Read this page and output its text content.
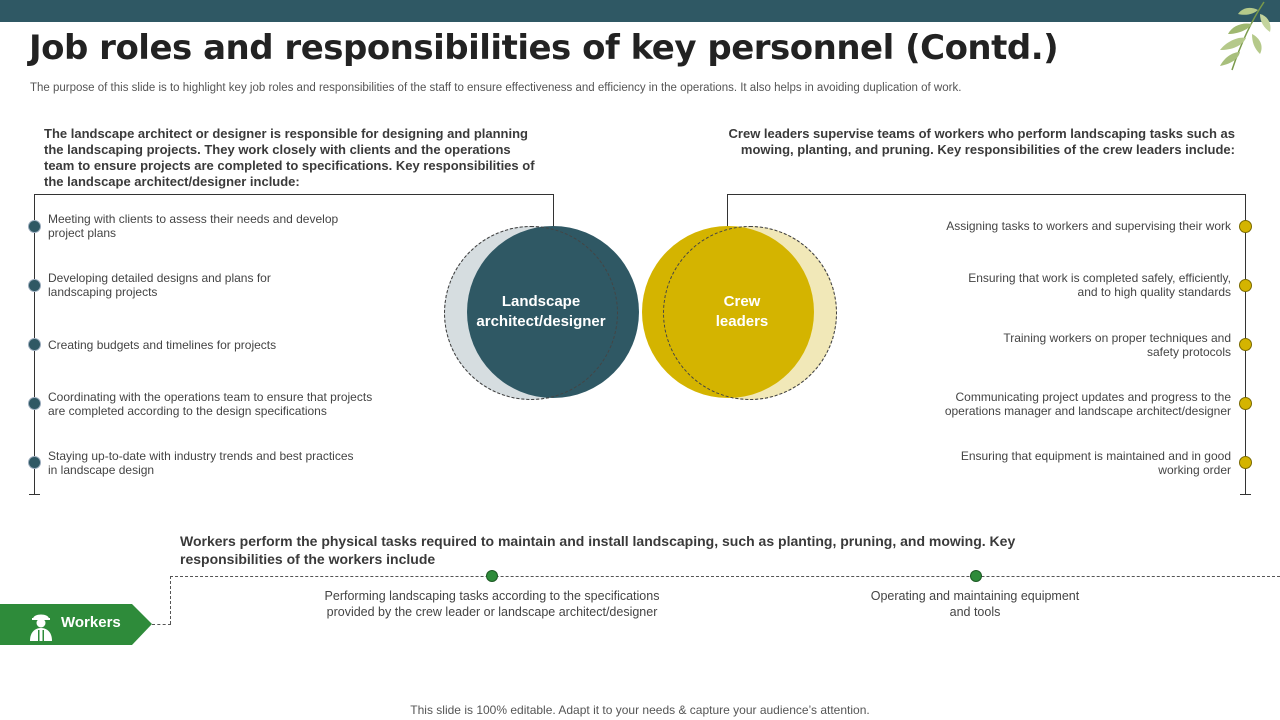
Job roles and responsibilities of key personnel (Contd.)
The purpose of this slide is to highlight key job roles and responsibilities of the staff to ensure effectiveness and efficiency in the operations. It also helps in avoiding duplication of work.
The landscape architect or designer is responsible for designing and planning the landscaping projects. They work closely with clients and the operations team to ensure projects are completed to specifications. Key responsibilities of the landscape architect/designer include:
Crew leaders supervise teams of workers who perform landscaping tasks such as mowing, planting, and pruning. Key responsibilities of the crew leaders include:
Meeting with clients to assess their needs and develop
project plans
Developing detailed designs and plans for
landscaping projects
Creating budgets and timelines for projects
Coordinating with the operations team to ensure that projects
are completed according to the design specifications
Staying up-to-date with industry trends and best practices
in landscape design
Assigning tasks to workers and supervising their work
Ensuring that work is completed safely, efficiently,
and to high quality standards
Training workers on proper techniques and
safety protocols
Communicating project updates and progress to the
operations manager and landscape architect/designer
Ensuring that equipment is maintained and in good
working order
Landscape
architect/designer
Crew
leaders
Workers perform the physical tasks required to maintain and install landscaping, such as planting, pruning, and mowing. Key responsibilities of the workers include
Performing landscaping tasks according to the specifications
provided by the crew leader or landscape architect/designer
Operating and maintaining equipment
and tools
Workers
This slide is 100% editable. Adapt it to your needs & capture your audience’s attention.
